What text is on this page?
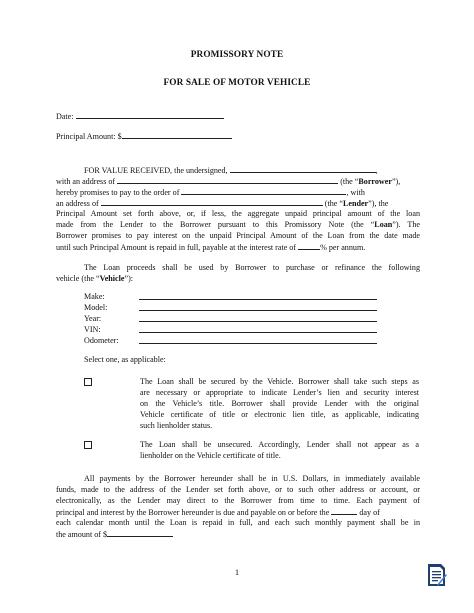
PROMISSORY NOTE
FOR SALE OF MOTOR VEHICLE
Date:
Principal Amount: $
FOR VALUE RECEIVED, the undersigned,	,
with an address of	(the “Borrower”),
hereby promises to pay to the order of	, with
an address of	(the “Lender”), the
Principal Amount set forth above, or, if less, the aggregate unpaid principal amount of the loan
made from the Lender to the Borrower pursuant to this Promissory Note (the “Loan”). The
Borrower promises to pay interest on the unpaid Principal Amount of the Loan from the date made
until such Principal Amount is repaid in full, payable at the interest rate of	% per annum.
The Loan proceeds shall be used by Borrower to purchase or refinance the following
vehicle (the “Vehicle”):
Make:
Model:
Year:
VIN:
Odometer:
Select one, as applicable:
The Loan shall be secured by the Vehicle. Borrower shall take such steps as
are necessary or appropriate to indicate Lender’s lien and security interest
on the Vehicle’s title. Borrower shall provide Lender with the original
Vehicle certificate of title or electronic lien title, as applicable, indicating
such lienholder status.
The Loan shall be unsecured. Accordingly, Lender shall not appear as a
lienholder on the Vehicle certificate of title.
All payments by the Borrower hereunder shall be in U.S. Dollars, in immediately available
funds, made to the address of the Lender set forth above, or to such other address or account, or
electronically, as the Lender may direct to the Borrower from time to time. Each payment of
principal and interest by the Borrower hereunder is due and payable on or before the	day of
each calendar month until the Loan is repaid in full, and each such monthly payment shall be in
the amount of $
1
